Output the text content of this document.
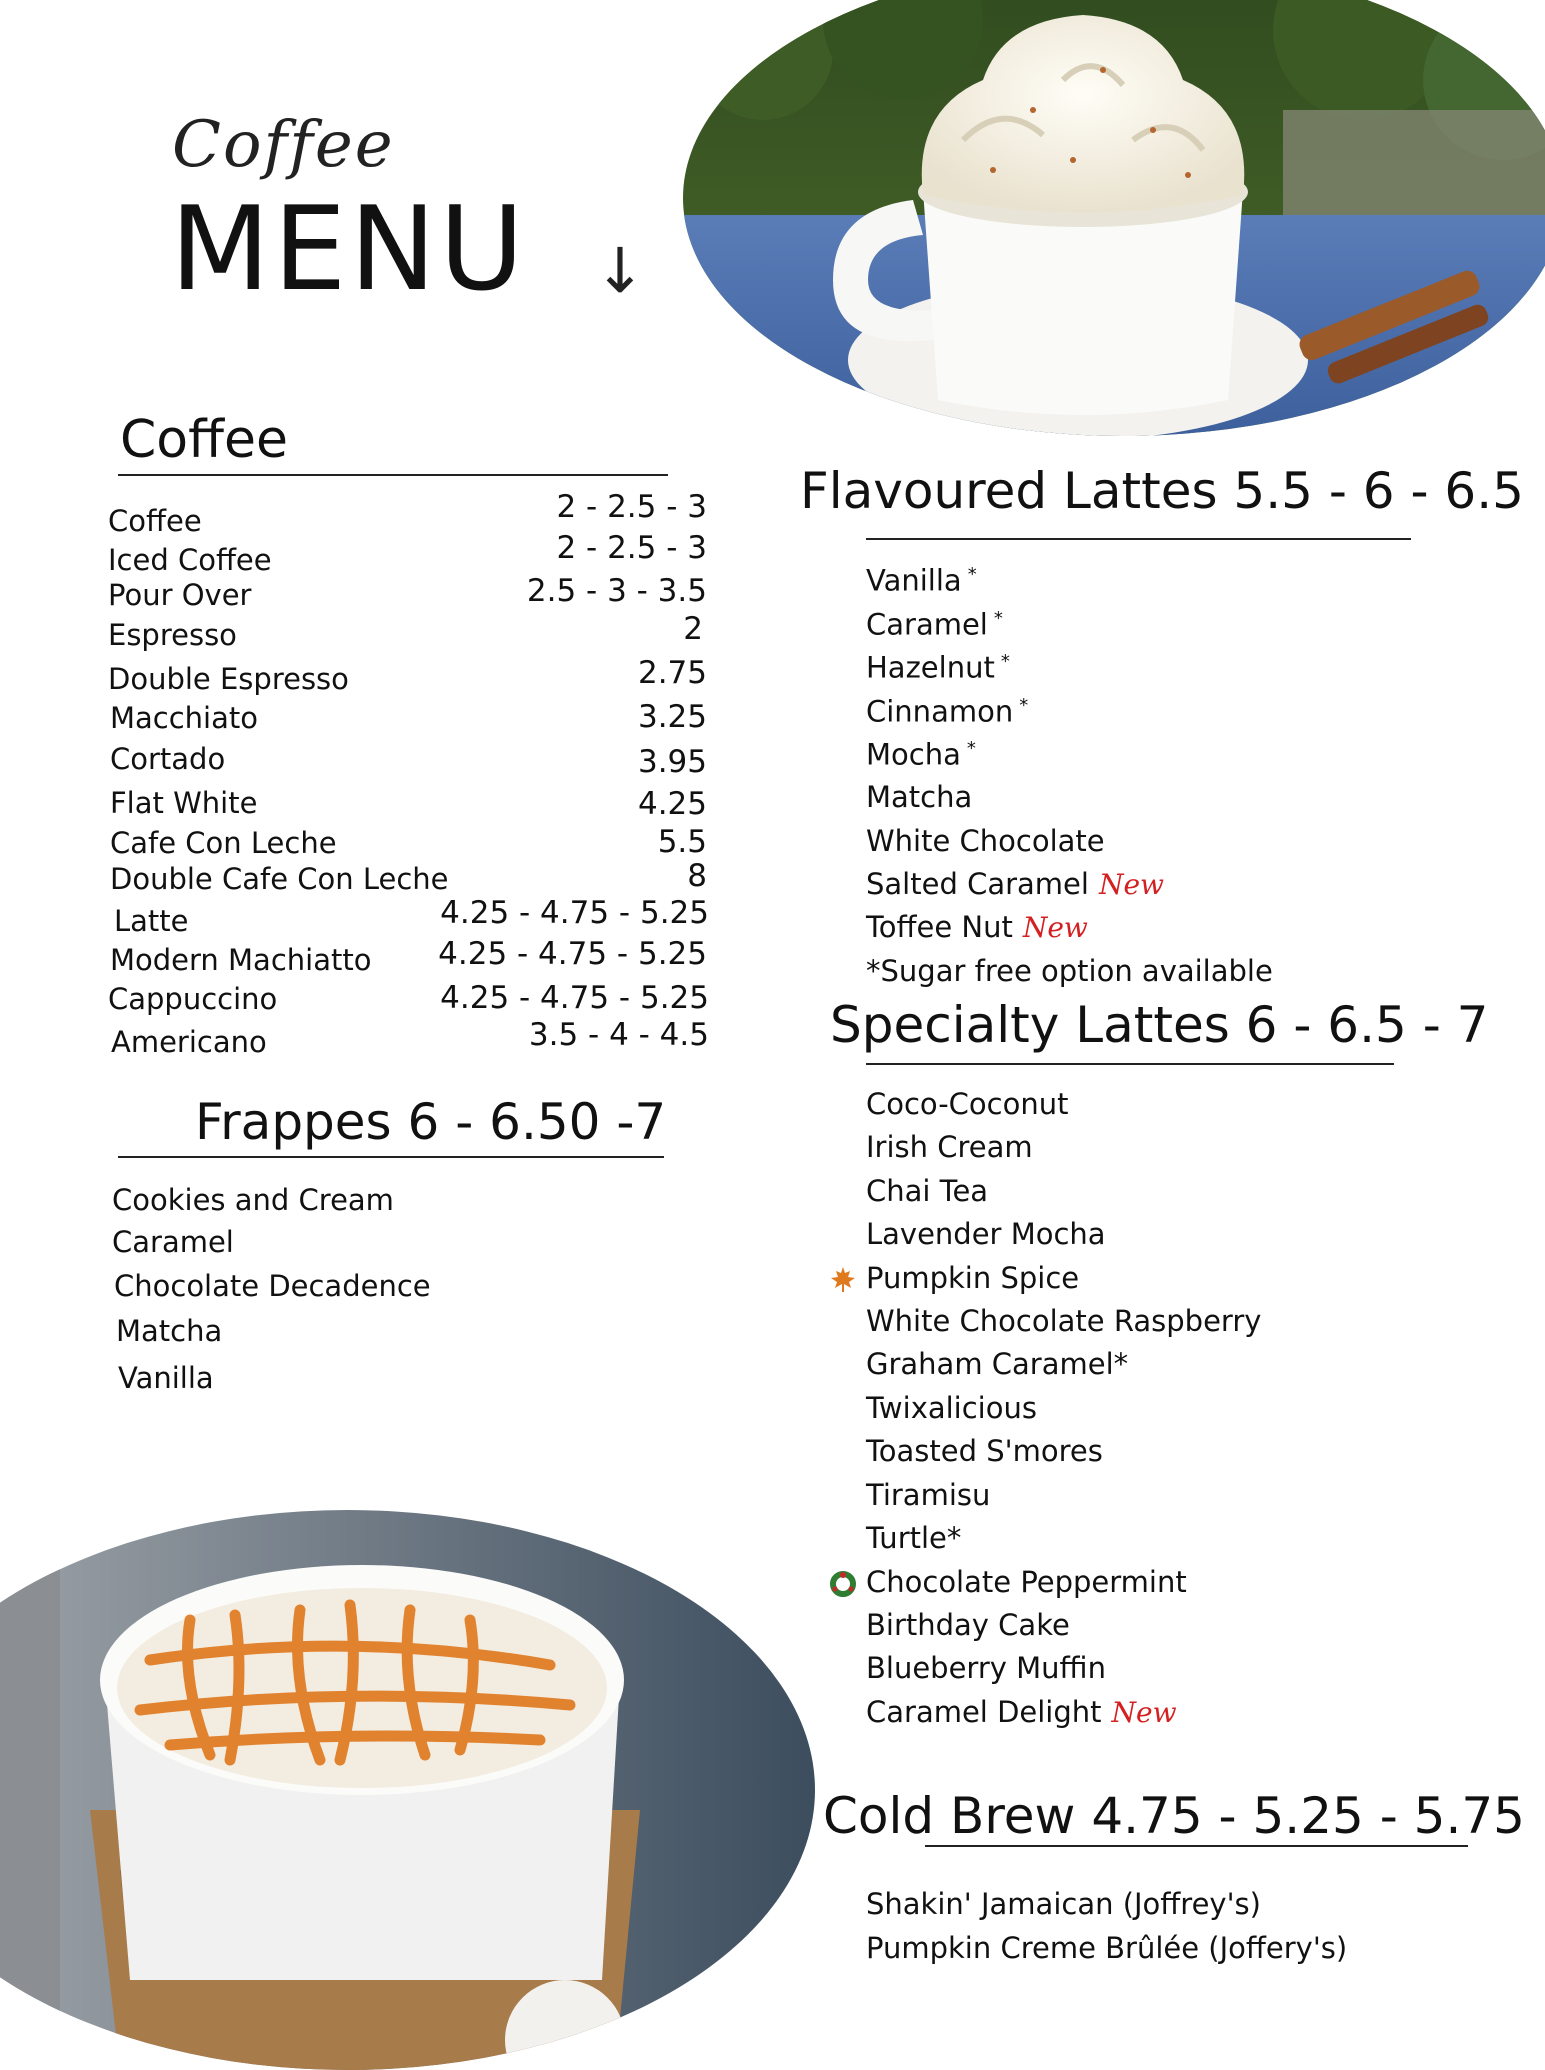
Coffee
MENU ↓
Coffee
Coffee	2 - 2.5 - 3
Iced Coffee	2 - 2.5 - 3
Pour Over	2.5 - 3 - 3.5
Espresso	2
Double Espresso	2.75
Macchiato	3.25
Cortado	3.95
Flat White	4.25
Cafe Con Leche	5.5
Double Cafe Con Leche	8
Latte	4.25 - 4.75 - 5.25
Modern Machiatto 4.25 - 4.75 - 5.25
Cappuccino	4.25 - 4.75 - 5.25
Americano	3.5 - 4 - 4.5
Frappes 6 - 6.50 -7
Cookies and Cream
Caramel
Chocolate Decadence
Matcha
Vanilla
Flavoured Lattes 5.5 - 6 - 6.5
Vanilla *
Caramel *
Hazelnut *
Cinnamon *
Mocha *
Matcha
White Chocolate
Salted Caramel New
Toffee Nut New
*Sugar free option available
Specialty Lattes 6 - 6.5 - 7
Coco-Coconut
Irish Cream
Chai Tea
Lavender Mocha
Pumpkin Spice
White Chocolate Raspberry
Graham Caramel*
Twixalicious
Toasted S'mores
Tiramisu
Turtle*
Chocolate Peppermint
Birthday Cake
Blueberry Muffin
Caramel Delight New
Cold Brew 4.75 - 5.25 - 5.75
Shakin' Jamaican (Joffrey's)
Pumpkin Creme Brûlée (Joffery's)
